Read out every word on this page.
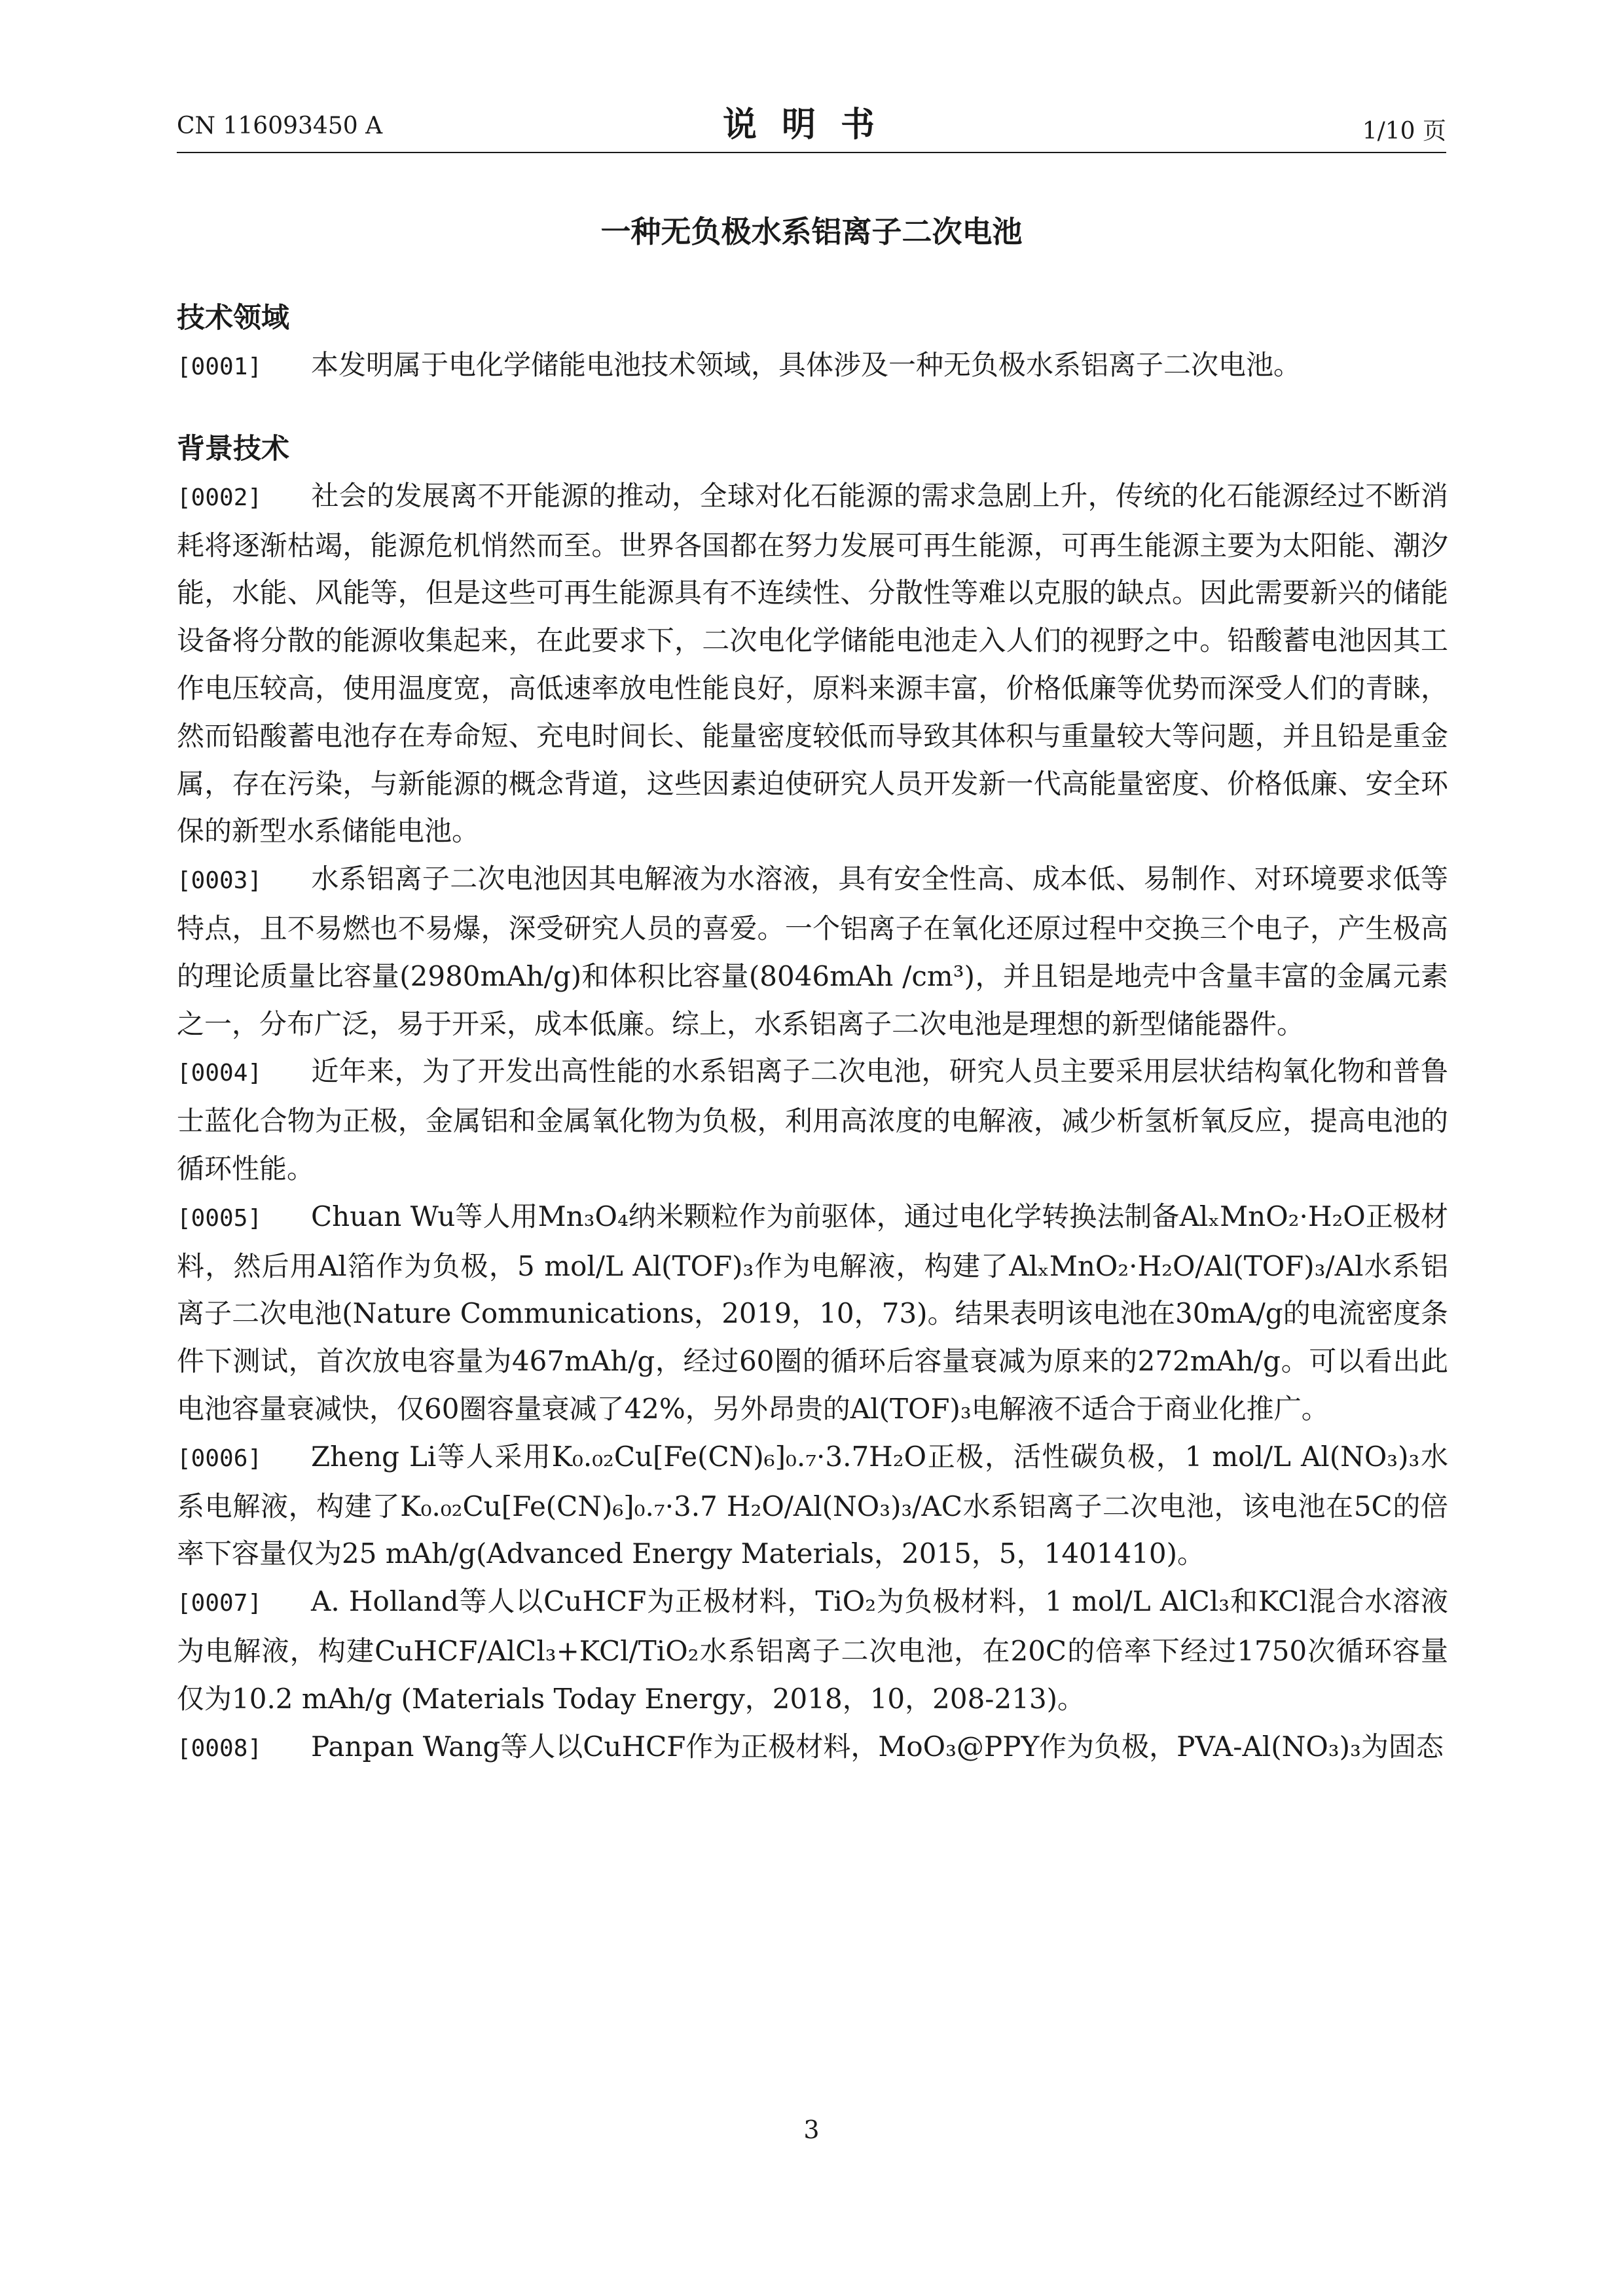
CN 116093450 A	说明书	1/10 页
一种无负极水系铝离子二次电池
技术领域
[0001] 本发明属于电化学储能电池技术领域，具体涉及一种无负极水系铝离子二次电池。
背景技术
[0002] 社会的发展离不开能源的推动，全球对化石能源的需求急剧上升，传统的化石能源经过不断消耗将逐渐枯竭，能源危机悄然而至。世界各国都在努力发展可再生能源，可再生能源主要为太阳能、潮汐能，水能、风能等，但是这些可再生能源具有不连续性、分散性等难以克服的缺点。因此需要新兴的储能设备将分散的能源收集起来，在此要求下，二次电化学储能电池走入人们的视野之中。铅酸蓄电池因其工作电压较高，使用温度宽，高低速率放电性能良好，原料来源丰富，价格低廉等优势而深受人们的青睐，然而铅酸蓄电池存在寿命短、充电时间长、能量密度较低而导致其体积与重量较大等问题，并且铅是重金属，存在污染，与新能源的概念背道，这些因素迫使研究人员开发新一代高能量密度、价格低廉、安全环保的新型水系储能电池。
[0003] 水系铝离子二次电池因其电解液为水溶液，具有安全性高、成本低、易制作、对环境要求低等特点，且不易燃也不易爆，深受研究人员的喜爱。一个铝离子在氧化还原过程中交换三个电子，产生极高的理论质量比容量(2980mAh/g)和体积比容量(8046mAh /cm³)，并且铝是地壳中含量丰富的金属元素之一，分布广泛，易于开采，成本低廉。综上，水系铝离子二次电池是理想的新型储能器件。
[0004] 近年来，为了开发出高性能的水系铝离子二次电池，研究人员主要采用层状结构氧化物和普鲁士蓝化合物为正极，金属铝和金属氧化物为负极，利用高浓度的电解液，减少析氢析氧反应，提高电池的循环性能。
[0005] Chuan Wu等人用Mn₃O₄纳米颗粒作为前驱体，通过电化学转换法制备AlₓMnO₂·H₂O正极材料，然后用Al箔作为负极，5 mol/L Al(TOF)₃作为电解液，构建了AlₓMnO₂·H₂O/Al(TOF)₃/Al水系铝离子二次电池(Nature Communications，2019，10，73)。结果表明该电池在30mA/g的电流密度条件下测试，首次放电容量为467mAh/g，经过60圈的循环后容量衰减为原来的272mAh/g。可以看出此电池容量衰减快，仅60圈容量衰减了42%，另外昂贵的Al(TOF)₃电解液不适合于商业化推广。
[0006] Zheng Li等人采用K₀.₀₂Cu[Fe(CN)₆]₀.₇·3.7H₂O正极，活性碳负极，1 mol/L Al(NO₃)₃水系电解液，构建了K₀.₀₂Cu[Fe(CN)₆]₀.₇·3.7 H₂O/Al(NO₃)₃/AC水系铝离子二次电池，该电池在5C的倍率下容量仅为25 mAh/g(Advanced Energy Materials，2015，5，1401410)。
[0007] A. Holland等人以CuHCF为正极材料，TiO₂为负极材料，1 mol/L AlCl₃和KCl混合水溶液为电解液，构建CuHCF/AlCl₃+KCl/TiO₂水系铝离子二次电池，在20C的倍率下经过1750次循环容量仅为10.2 mAh/g (Materials Today Energy，2018，10，208-213)。
[0008] Panpan Wang等人以CuHCF作为正极材料，MoO₃@PPY作为负极，PVA-Al(NO₃)₃为固态
3
